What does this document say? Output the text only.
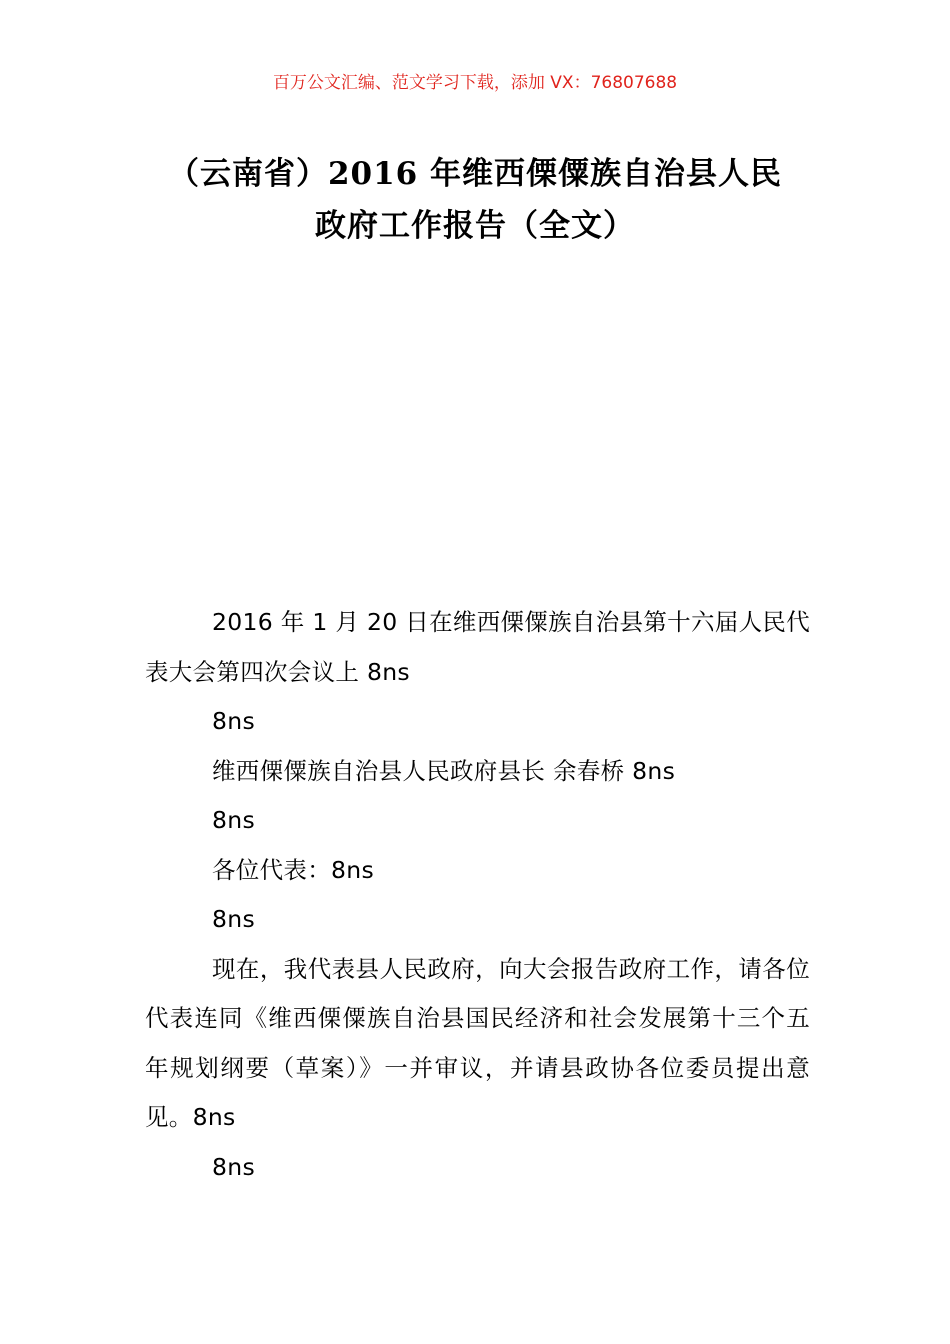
百万公文汇编、范文学习下载，添加 VX：76807688
（云南省）2016 年维西傈僳族自治县人民
政府工作报告（全文）

2016 年 1 月 20 日在维西傈僳族自治县第十六届人民代表大会第四次会议上 8ns

8ns

维西傈僳族自治县人民政府县长 余春桥 8ns

8ns

各位代表：8ns

8ns

现在，我代表县人民政府，向大会报告政府工作，请各位代表连同《维西傈僳族自治县国民经济和社会发展第十三个五年规划纲要（草案）》一并审议，并请县政协各位委员提出意见。8ns

8ns
